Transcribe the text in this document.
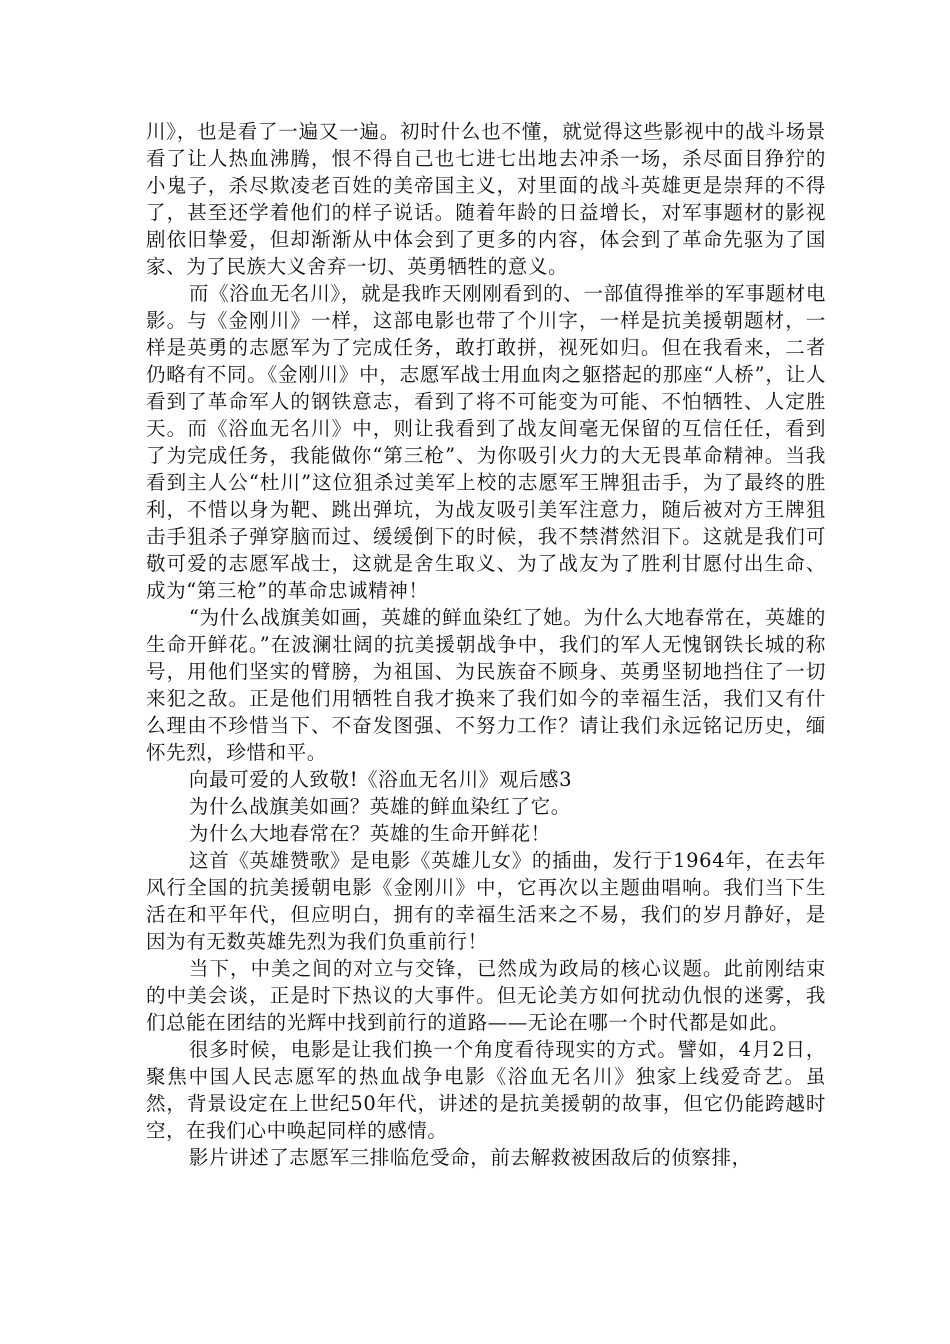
川》，也是看了一遍又一遍。初时什么也不懂，就觉得这些影视中的战斗场景看了让人热血沸腾，恨不得自己也七进七出地去冲杀一场，杀尽面目狰狞的小鬼子，杀尽欺凌老百姓的美帝国主义，对里面的战斗英雄更是崇拜的不得了，甚至还学着他们的样子说话。随着年龄的日益增长，对军事题材的影视剧依旧挚爱，但却渐渐从中体会到了更多的内容，体会到了革命先驱为了国家、为了民族大义舍弃一切、英勇牺牲的意义。

而《浴血无名川》，就是我昨天刚刚看到的、一部值得推举的军事题材电影。与《金刚川》一样，这部电影也带了个川字，一样是抗美援朝题材，一样是英勇的志愿军为了完成任务，敢打敢拼，视死如归。但在我看来，二者仍略有不同。《金刚川》中，志愿军战士用血肉之躯搭起的那座“人桥”，让人看到了革命军人的钢铁意志，看到了将不可能变为可能、不怕牺牲、人定胜天。而《浴血无名川》中，则让我看到了战友间毫无保留的互信任任，看到了为完成任务，我能做你“第三枪”、为你吸引火力的大无畏革命精神。当我看到主人公“杜川”这位狙杀过美军上校的志愿军王牌狙击手，为了最终的胜利，不惜以身为靶、跳出弹坑，为战友吸引美军注意力，随后被对方王牌狙击手狙杀子弹穿脑而过、缓缓倒下的时候，我不禁潸然泪下。这就是我们可敬可爱的志愿军战士，这就是舍生取义、为了战友为了胜利甘愿付出生命、成为“第三枪”的革命忠诚精神！

“为什么战旗美如画，英雄的鲜血染红了她。为什么大地春常在，英雄的生命开鲜花。”在波澜壮阔的抗美援朝战争中，我们的军人无愧钢铁长城的称号，用他们坚实的臂膀，为祖国、为民族奋不顾身、英勇坚韧地挡住了一切来犯之敌。正是他们用牺牲自我才换来了我们如今的幸福生活，我们又有什么理由不珍惜当下、不奋发图强、不努力工作？请让我们永远铭记历史，缅怀先烈，珍惜和平。

向最可爱的人致敬!《浴血无名川》观后感3

为什么战旗美如画？英雄的鲜血染红了它。

为什么大地春常在？英雄的生命开鲜花！

这首《英雄赞歌》是电影《英雄儿女》的插曲，发行于1964年，在去年风行全国的抗美援朝电影《金刚川》中，它再次以主题曲唱响。我们当下生活在和平年代，但应明白，拥有的幸福生活来之不易，我们的岁月静好，是因为有无数英雄先烈为我们负重前行！

当下，中美之间的对立与交锋，已然成为政局的核心议题。此前刚结束的中美会谈，正是时下热议的大事件。但无论美方如何扰动仇恨的迷雾，我们总能在团结的光辉中找到前行的道路——无论在哪一个时代都是如此。

很多时候，电影是让我们换一个角度看待现实的方式。譬如，4月2日，聚焦中国人民志愿军的热血战争电影《浴血无名川》独家上线爱奇艺。虽然，背景设定在上世纪50年代，讲述的是抗美援朝的故事，但它仍能跨越时空，在我们心中唤起同样的感情。

影片讲述了志愿军三排临危受命，前去解救被困敌后的侦察排，
